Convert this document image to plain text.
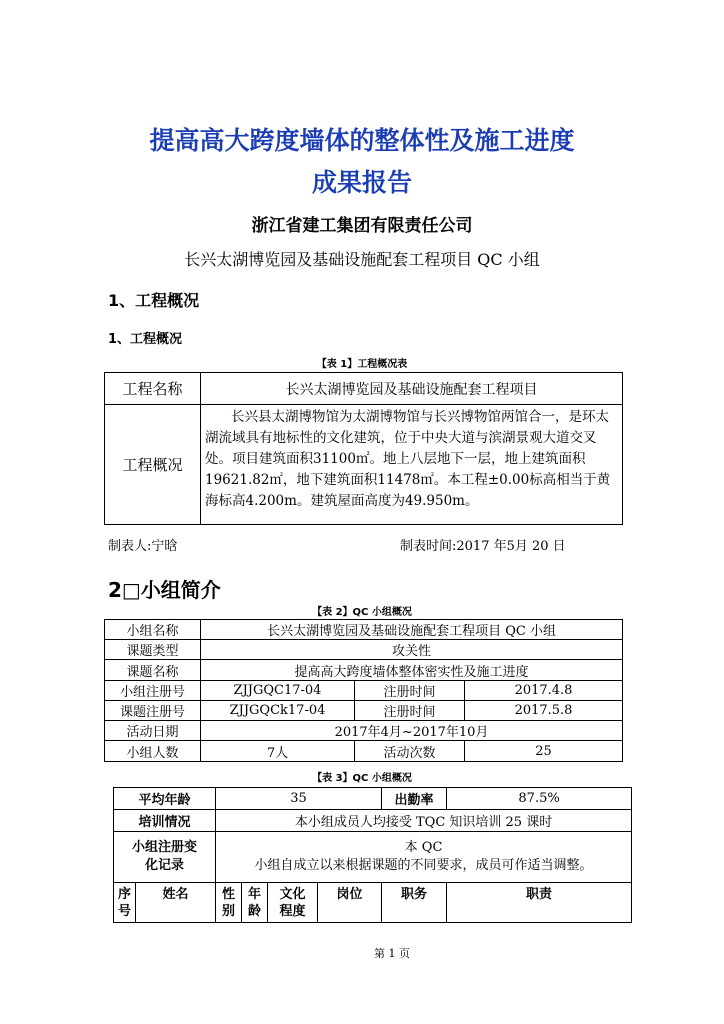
提高高大跨度墙体的整体性及施工进度
成果报告
浙江省建工集团有限责任公司
长兴太湖博览园及基础设施配套工程项目 QC 小组
1、工程概况
1、工程概况
【表 1】工程概况表
工程名称	长兴太湖博览园及基础设施配套工程项目
工程概况	长兴县太湖博物馆为太湖博物馆与长兴博物馆两馆合一，是环太湖流域具有地标性的文化建筑，位于中央大道与滨湖景观大道交叉处。项目建筑面积31100㎡。地上八层地下一层，地上建筑面积19621.82㎡，地下建筑面积11478㎡。本工程±0.00标高相当于黄海标高4.200m。建筑屋面高度为49.950m。
制表人:宁晗	制表时间:2017 年5月 20 日
2□小组简介
【表 2】QC 小组概况
小组名称	长兴太湖博览园及基础设施配套工程项目 QC 小组		
课题类型	攻关性		
课题名称	提高高大跨度墙体整体密实性及施工进度		
小组注册号	ZJJGQC17-04	注册时间	2017.4.8
课题注册号	ZJJGQCk17-04	注册时间	2017.5.8
活动日期	2017年4月~2017年10月		
小组人数	7人	活动次数	25
【表 3】QC 小组概况
平均年龄		35				出勤率	87.5%
培训情况		本小组成员人均接受 TQC 知识培训 25 课时					
小组注册变化记录		本 QC
小组自成立以来根据课题的不同要求，成员可作适当调整。					

序号	姓名	性别	年龄	文化程度	岗位	职务	职责
第 1 页
